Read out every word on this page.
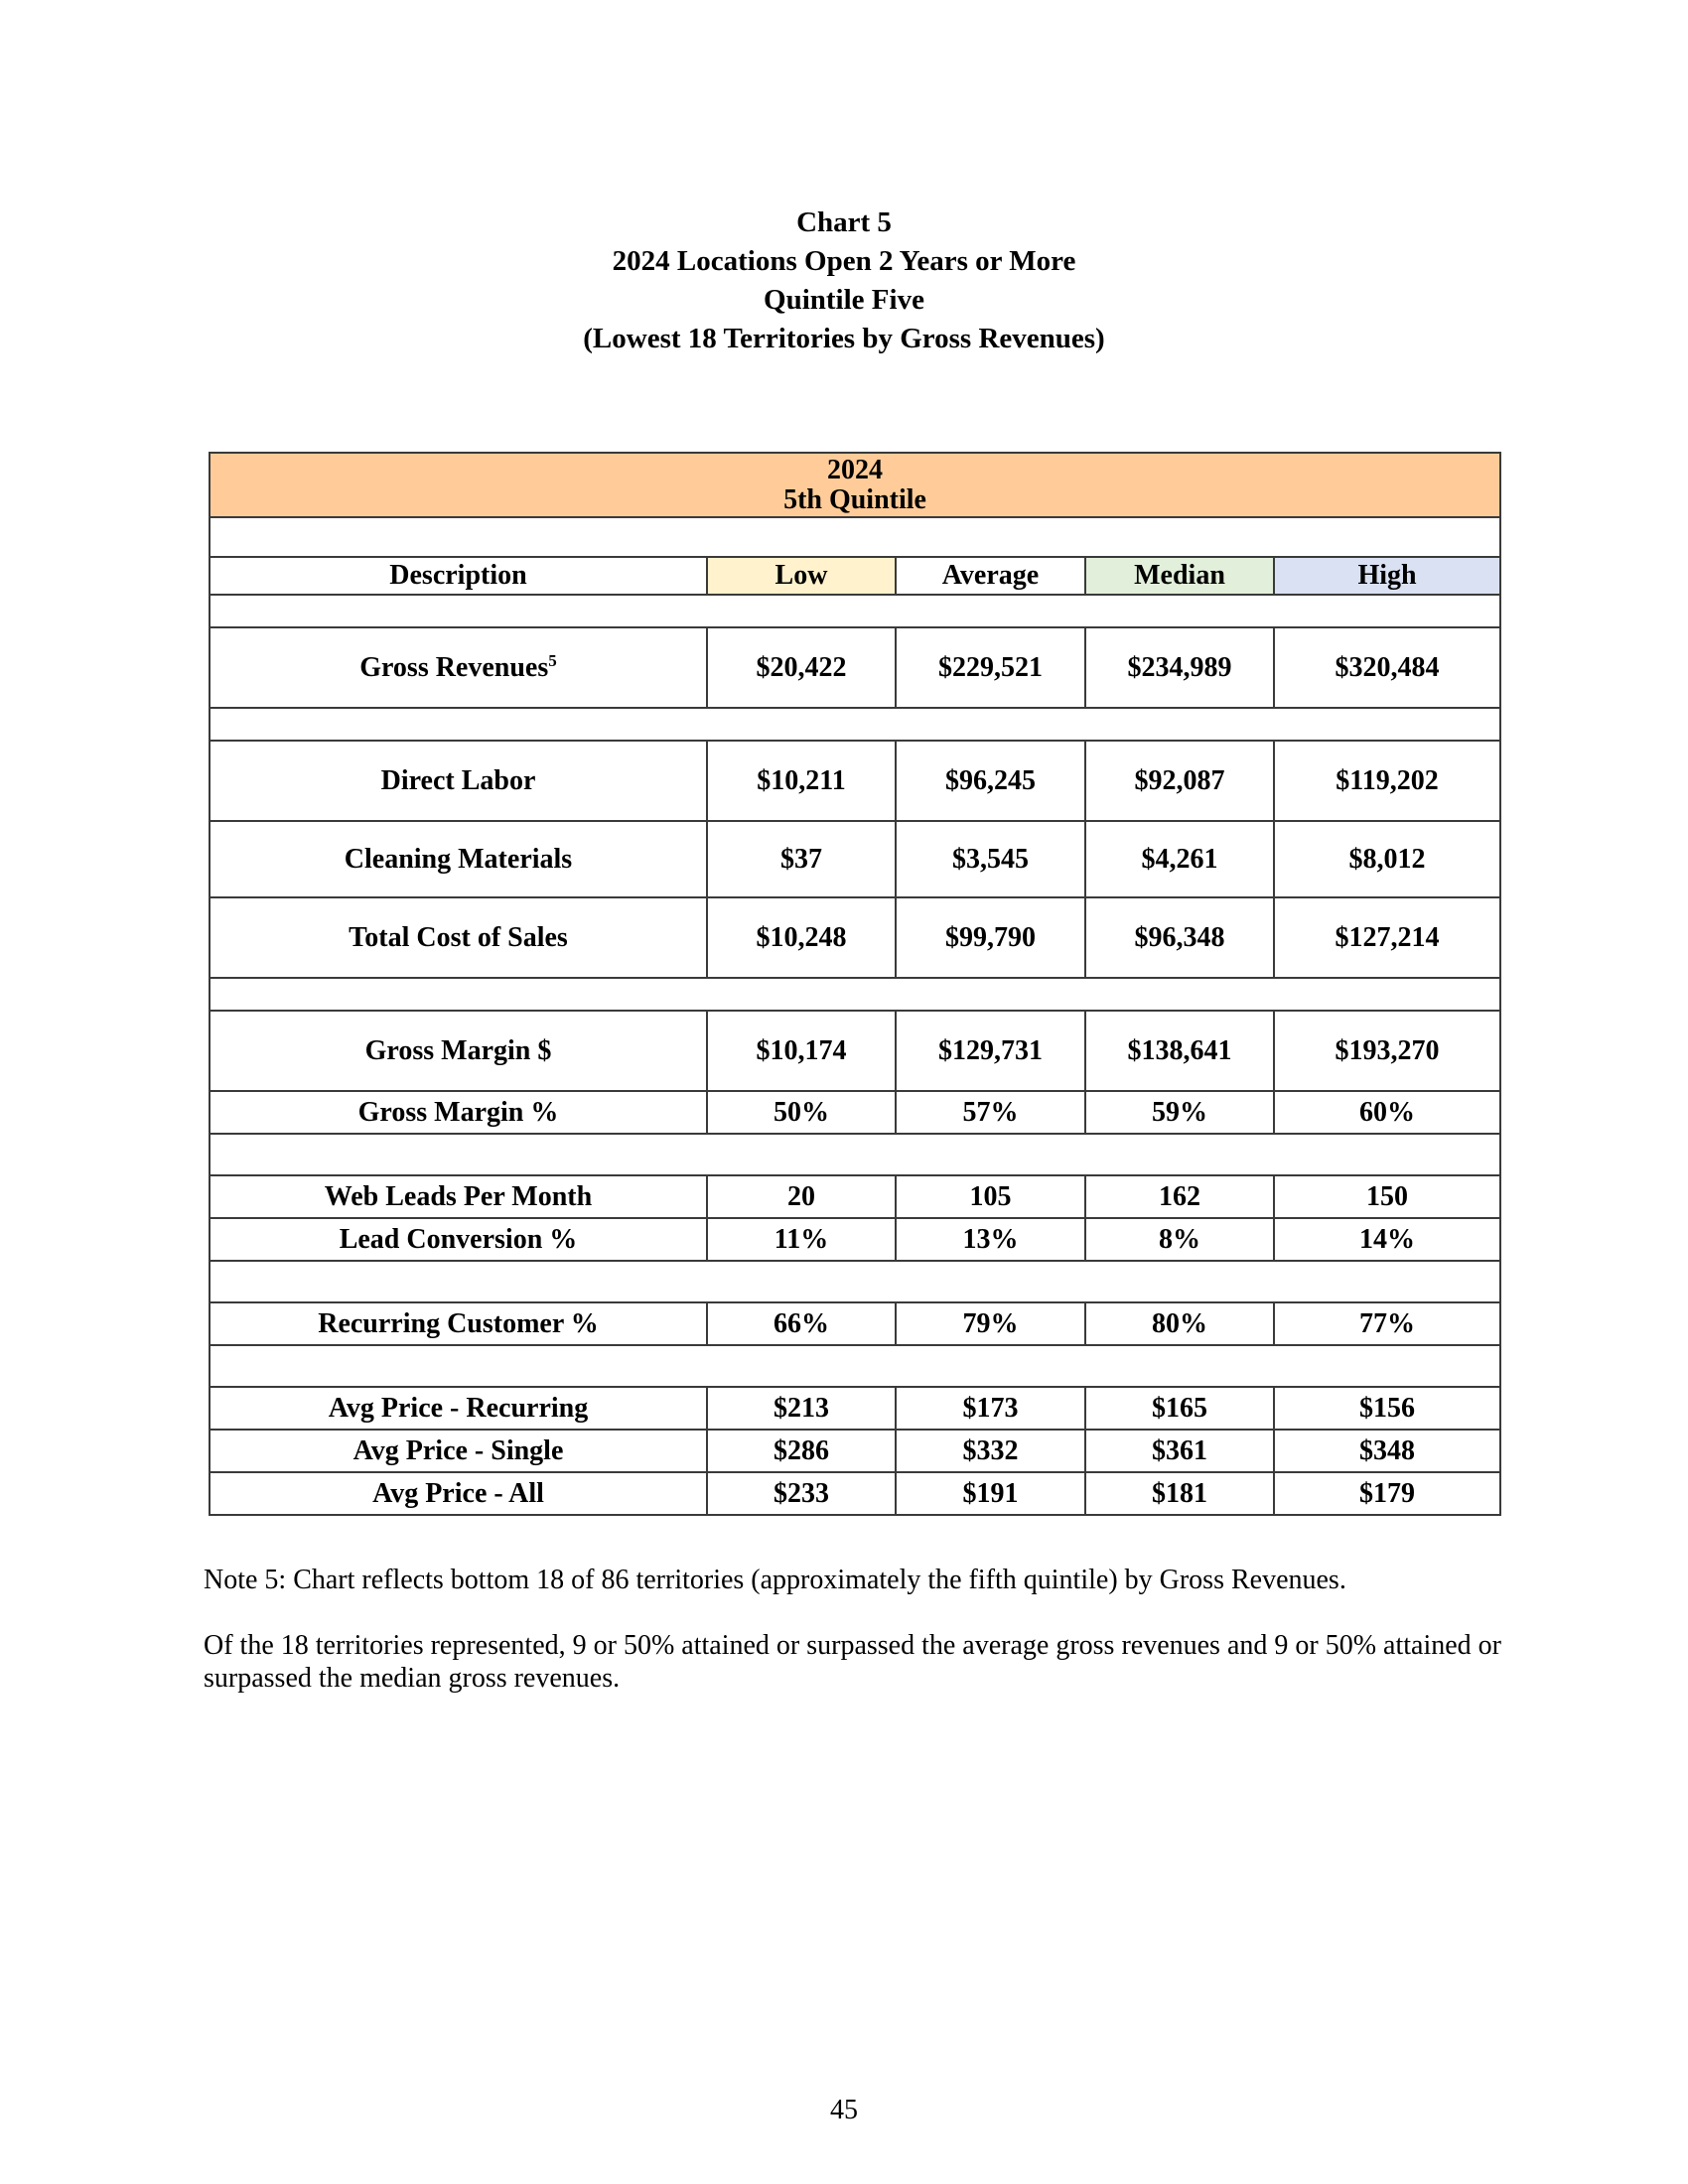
Chart 5
2024 Locations Open 2 Years or More
Quintile Five
(Lowest 18 Territories by Gross Revenues)
2024
5th Quintile				

Description	Low	Average	Median	High

Gross Revenues$^5$	$20,422	$229,521	$234,989	$320,484

Direct Labor	$10,211	$96,245	$92,087	$119,202
Cleaning Materials	$37	$3,545	$4,261	$8,012
Total Cost of Sales	$10,248	$99,790	$96,348	$127,214

Gross Margin $	$10,174	$129,731	$138,641	$193,270
Gross Margin %	50%	57%	59%	60%

Web Leads Per Month	20	105	162	150
Lead Conversion %	11%	13%	8%	14%

Recurring Customer %	66%	79%	80%	77%

Avg Price - Recurring	$213	$173	$165	$156
Avg Price - Single	$286	$332	$361	$348
Avg Price - All	$233	$191	$181	$179

Note 5: Chart reflects bottom 18 of 86 territories (approximately the fifth quintile) by Gross Revenues.

Of the 18 territories represented, 9 or 50% attained or surpassed the average gross revenues and 9 or 50% attained or surpassed the median gross revenues.

45
